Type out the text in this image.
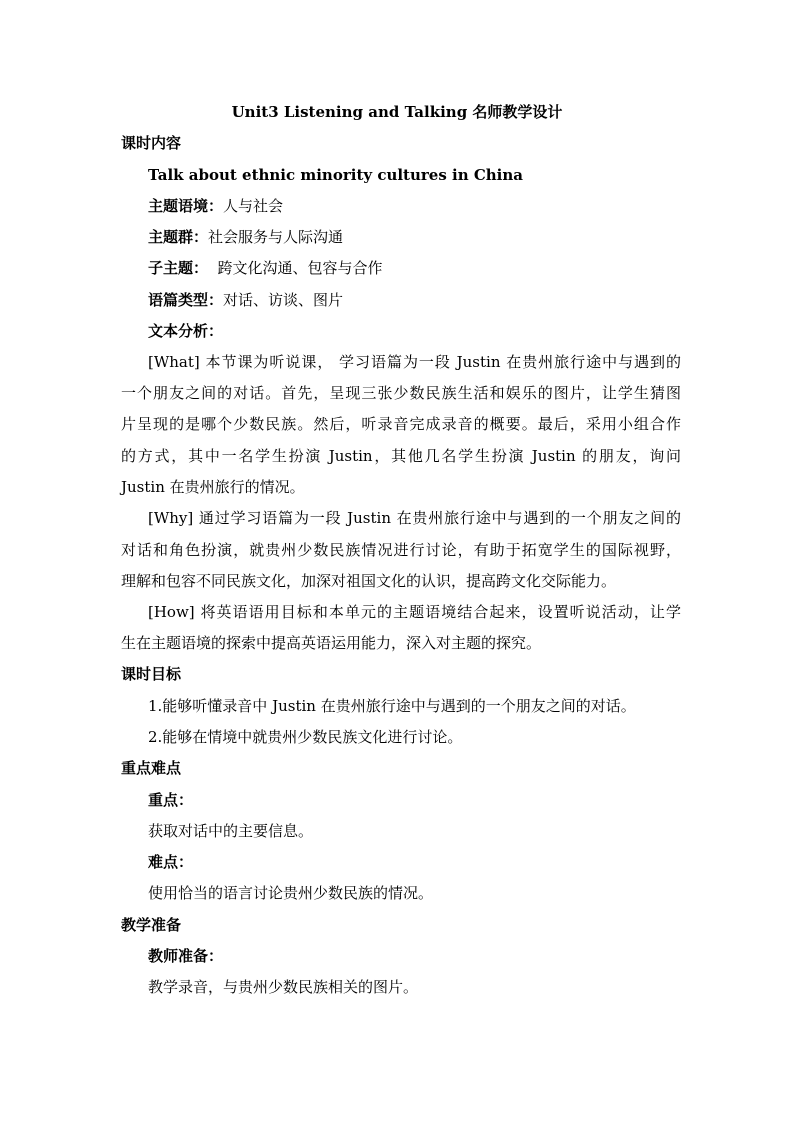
Unit3 Listening and Talking 名师教学设计
课时内容
Talk about ethnic minority cultures in China
主题语境：人与社会
主题群：社会服务与人际沟通
子主题：  跨文化沟通、包容与合作
语篇类型：对话、访谈、图片
文本分析：
[What] 本节课为听说课， 学习语篇为一段 Justin 在贵州旅行途中与遇到的
一个朋友之间的对话。首先，呈现三张少数民族生活和娱乐的图片，让学生猜图
片呈现的是哪个少数民族。然后，听录音完成录音的概要。最后，采用小组合作
的方式，其中一名学生扮演 Justin，其他几名学生扮演 Justin 的朋友，询问
Justin 在贵州旅行的情况。
[Why] 通过学习语篇为一段 Justin 在贵州旅行途中与遇到的一个朋友之间的
对话和角色扮演，就贵州少数民族情况进行讨论，有助于拓宽学生的国际视野，
理解和包容不同民族文化，加深对祖国文化的认识，提高跨文化交际能力。
[How] 将英语语用目标和本单元的主题语境结合起来，设置听说活动，让学
生在主题语境的探索中提高英语运用能力，深入对主题的探究。
课时目标
1.能够听懂录音中 Justin 在贵州旅行途中与遇到的一个朋友之间的对话。
2.能够在情境中就贵州少数民族文化进行讨论。
重点难点
重点：
获取对话中的主要信息。
难点：
使用恰当的语言讨论贵州少数民族的情况。
教学准备
教师准备：
教学录音，与贵州少数民族相关的图片。
